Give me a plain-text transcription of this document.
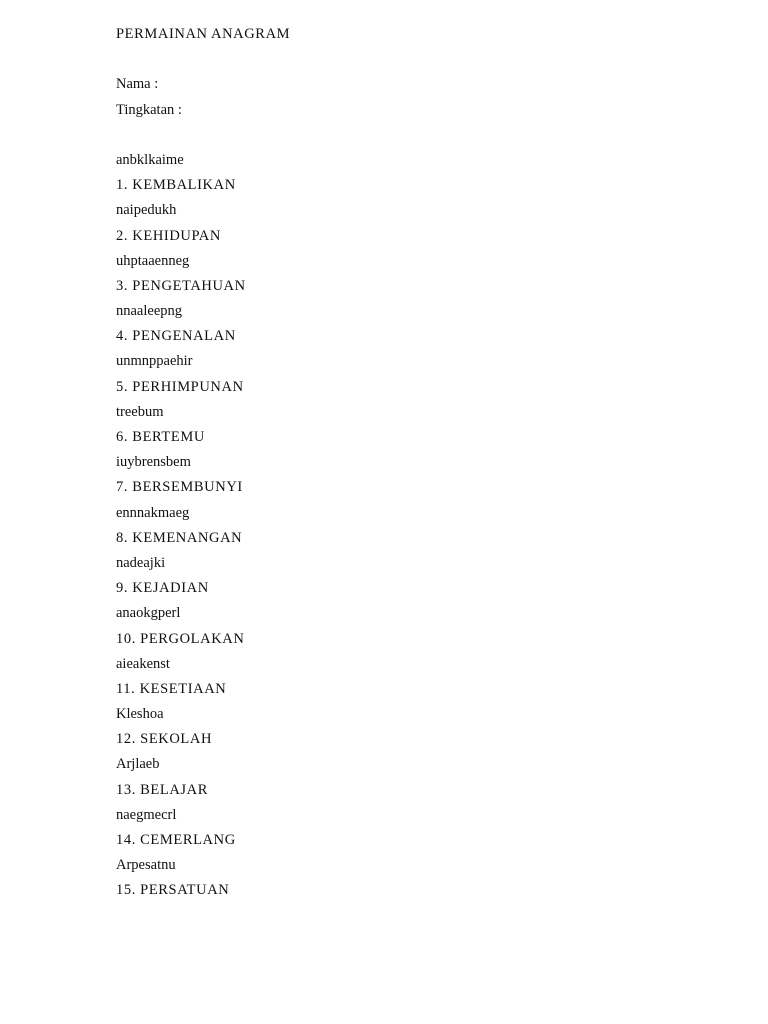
PERMAINAN ANAGRAM
Nama :
Tingkatan :
anbklkaime
1. KEMBALIKAN
naipedukh
2. KEHIDUPAN
uhptaaenneg
3. PENGETAHUAN
nnaaleepng
4. PENGENALAN
unmnppaehir
5. PERHIMPUNAN
treebum
6. BERTEMU
iuybrensbem
7. BERSEMBUNYI
ennnakmaeg
8. KEMENANGAN
nadeajki
9. KEJADIAN
anaokgperl
10. PERGOLAKAN
aieakenst
11. KESETIAAN
Kleshoa
12. SEKOLAH
Arjlaeb
13. BELAJAR
naegmecrl
14. CEMERLANG
Arpesatnu
15. PERSATUAN
